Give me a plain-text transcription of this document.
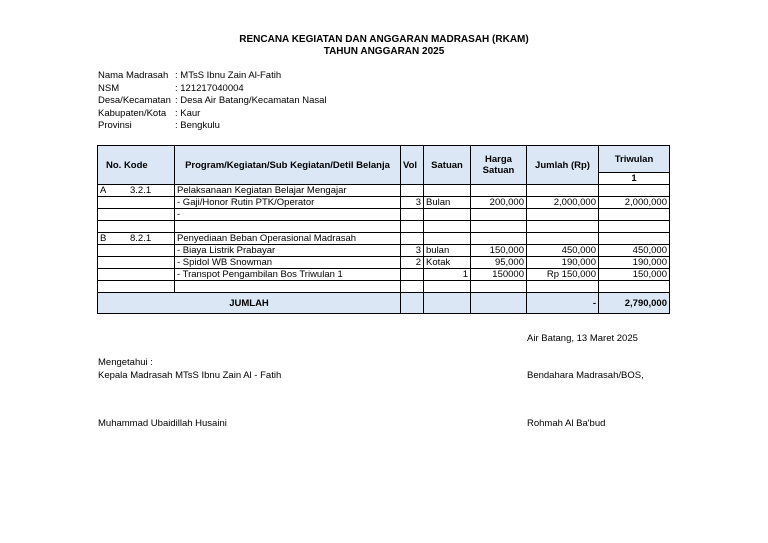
RENCANA KEGIATAN DAN ANGGARAN MADRASAH (RKAM)
TAHUN ANGGARAN 2025
Nama Madrasah : MTsS Ibnu Zain Al-Fatih
NSM	: 121217040004
Desa/Kecamatan : Desa Air Batang/Kecamatan Nasal
Kabupaten/Kota : Kaur
Provinsi	: Bengkulu
No. Kode	Program/Kegiatan/Sub Kegiatan/Detil Belanja	Vol	Satuan	Harga Satuan	Jumlah (Rp)	Triwulan
						1

A 3.2.1	Pelaksanaan Kegiatan Belajar Mengajar					

	- Gaji/Honor Rutin PTK/Operator	3	Bulan	200,000	2,000,000	2,000,000

	-					

B 8.2.1	Penyediaan Beban Operasional Madrasah					

	- Biaya Listrik Prabayar	3	bulan	150,000	450,000	450,000

	- Spidol WB Snowman	2	Kotak	95,000	190,000	190,000

	- Transpot Pengambilan Bos Triwulan 1		1	150000	Rp 150,000	150,000

JUMLAH					-	2,790,000
Air Batang, 13 Maret 2025
Mengetahui :
Kepala Madrasah MTsS Ibnu Zain Al - Fatih	Bendahara Madrasah/BOS,
Muhammad Ubaidillah Husaini	Rohmah Al Ba'bud
